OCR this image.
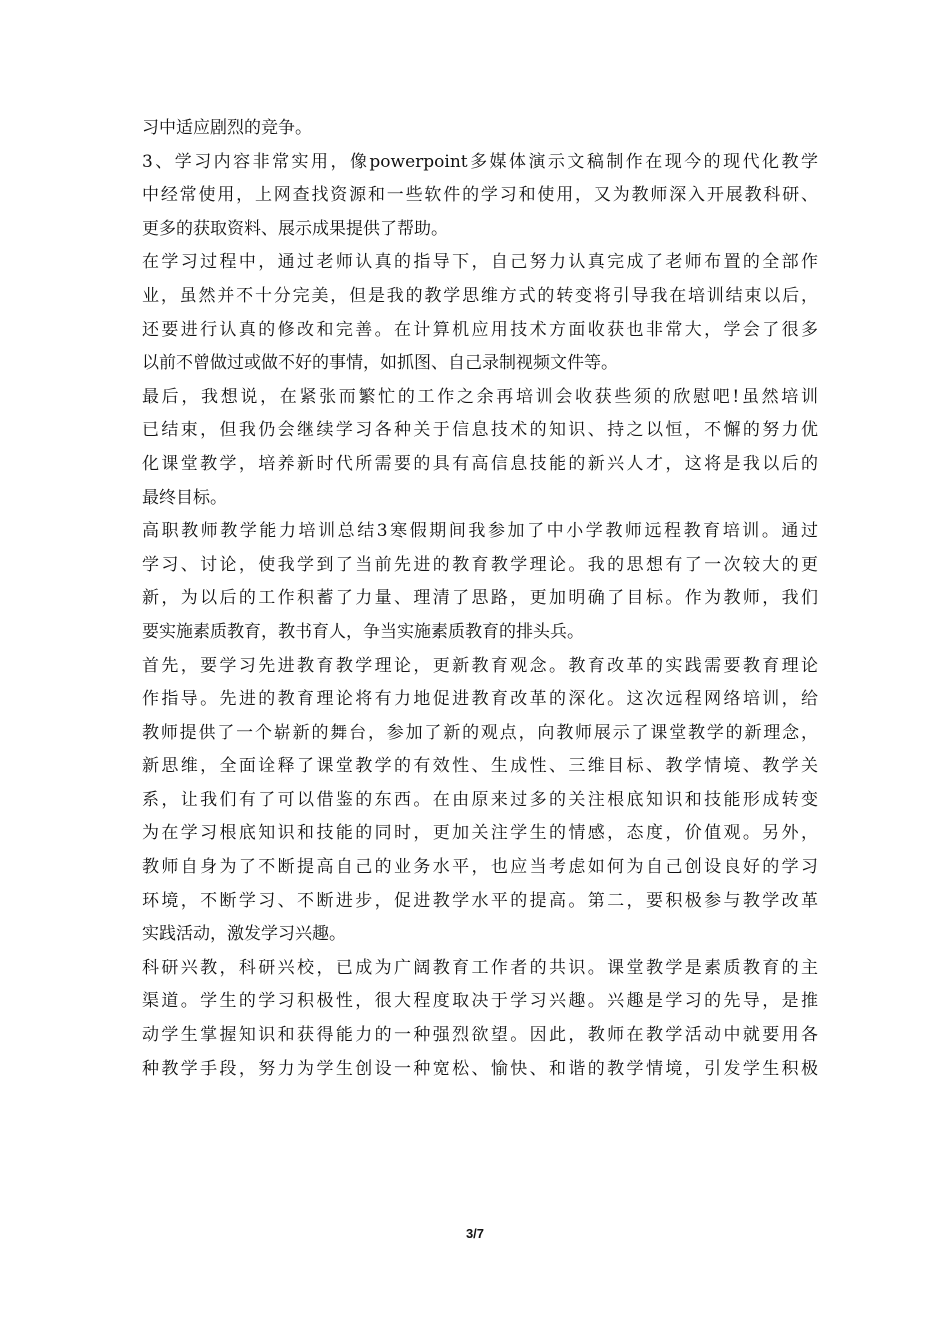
习中适应剧烈的竞争。
3、学习内容非常实用，像powerpoint多媒体演示文稿制作在现今的现代化教学
中经常使用，上网查找资源和一些软件的学习和使用，又为教师深入开展教科研、
更多的获取资料、展示成果提供了帮助。
在学习过程中，通过老师认真的指导下，自己努力认真完成了老师布置的全部作
业，虽然并不十分完美，但是我的教学思维方式的转变将引导我在培训结束以后，
还要进行认真的修改和完善。在计算机应用技术方面收获也非常大，学会了很多
以前不曾做过或做不好的事情，如抓图、自己录制视频文件等。
最后，我想说，在紧张而繁忙的工作之余再培训会收获些须的欣慰吧!虽然培训
已结束，但我仍会继续学习各种关于信息技术的知识、持之以恒，不懈的努力优
化课堂教学，培养新时代所需要的具有高信息技能的新兴人才，这将是我以后的
最终目标。
高职教师教学能力培训总结3寒假期间我参加了中小学教师远程教育培训。通过
学习、讨论，使我学到了当前先进的教育教学理论。我的思想有了一次较大的更
新，为以后的工作积蓄了力量、理清了思路，更加明确了目标。作为教师，我们
要实施素质教育，教书育人，争当实施素质教育的排头兵。
首先，要学习先进教育教学理论，更新教育观念。教育改革的实践需要教育理论
作指导。先进的教育理论将有力地促进教育改革的深化。这次远程网络培训，给
教师提供了一个崭新的舞台，参加了新的观点，向教师展示了课堂教学的新理念，
新思维，全面诠释了课堂教学的有效性、生成性、三维目标、教学情境、教学关
系，让我们有了可以借鉴的东西。在由原来过多的关注根底知识和技能形成转变
为在学习根底知识和技能的同时，更加关注学生的情感，态度，价值观。另外，
教师自身为了不断提高自己的业务水平，也应当考虑如何为自己创设良好的学习
环境，不断学习、不断进步，促进教学水平的提高。第二，要积极参与教学改革
实践活动，激发学习兴趣。
科研兴教，科研兴校，已成为广阔教育工作者的共识。课堂教学是素质教育的主
渠道。学生的学习积极性，很大程度取决于学习兴趣。兴趣是学习的先导，是推
动学生掌握知识和获得能力的一种强烈欲望。因此，教师在教学活动中就要用各
种教学手段，努力为学生创设一种宽松、愉快、和谐的教学情境，引发学生积极
3/7
